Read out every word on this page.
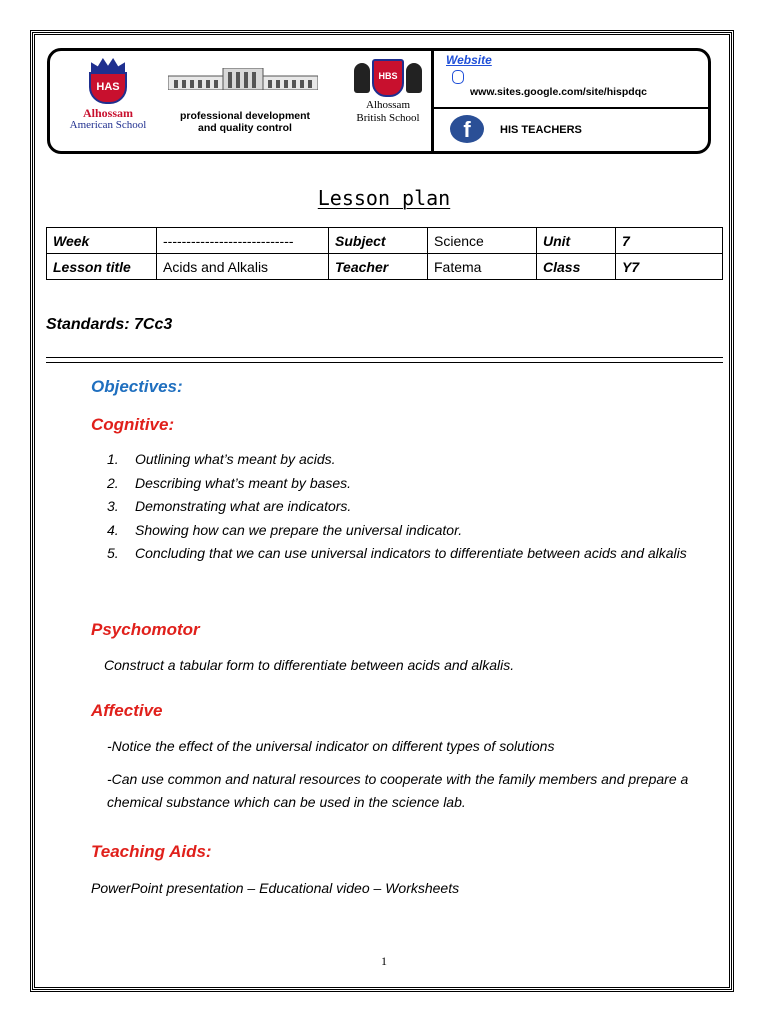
HAS
Alhossam
American School
professional development
and quality control
HBS
Alhossam
British School
Website
www.sites.google.com/site/hispdqc
f	HIS TEACHERS
Lesson plan
Week	----------------------------	Subject	Science	Unit	7
Lesson title	Acids and Alkalis	Teacher	Fatema	Class	Y7
Standards: 7Cc3
Objectives:
Cognitive:
1. Outlining what’s meant by acids.
2. Describing what’s meant by bases.
3. Demonstrating what are indicators.
4. Showing how can we prepare the universal indicator.
5. Concluding that we can use universal indicators to differentiate between acids and alkalis
Psychomotor
Construct a tabular form to differentiate between acids and alkalis.
Affective
-Notice the effect of the universal indicator on different types of solutions
-Can use common and natural resources to cooperate with the family members and prepare a chemical substance which can be used in the science lab.
Teaching Aids:
PowerPoint presentation – Educational video – Worksheets
1
